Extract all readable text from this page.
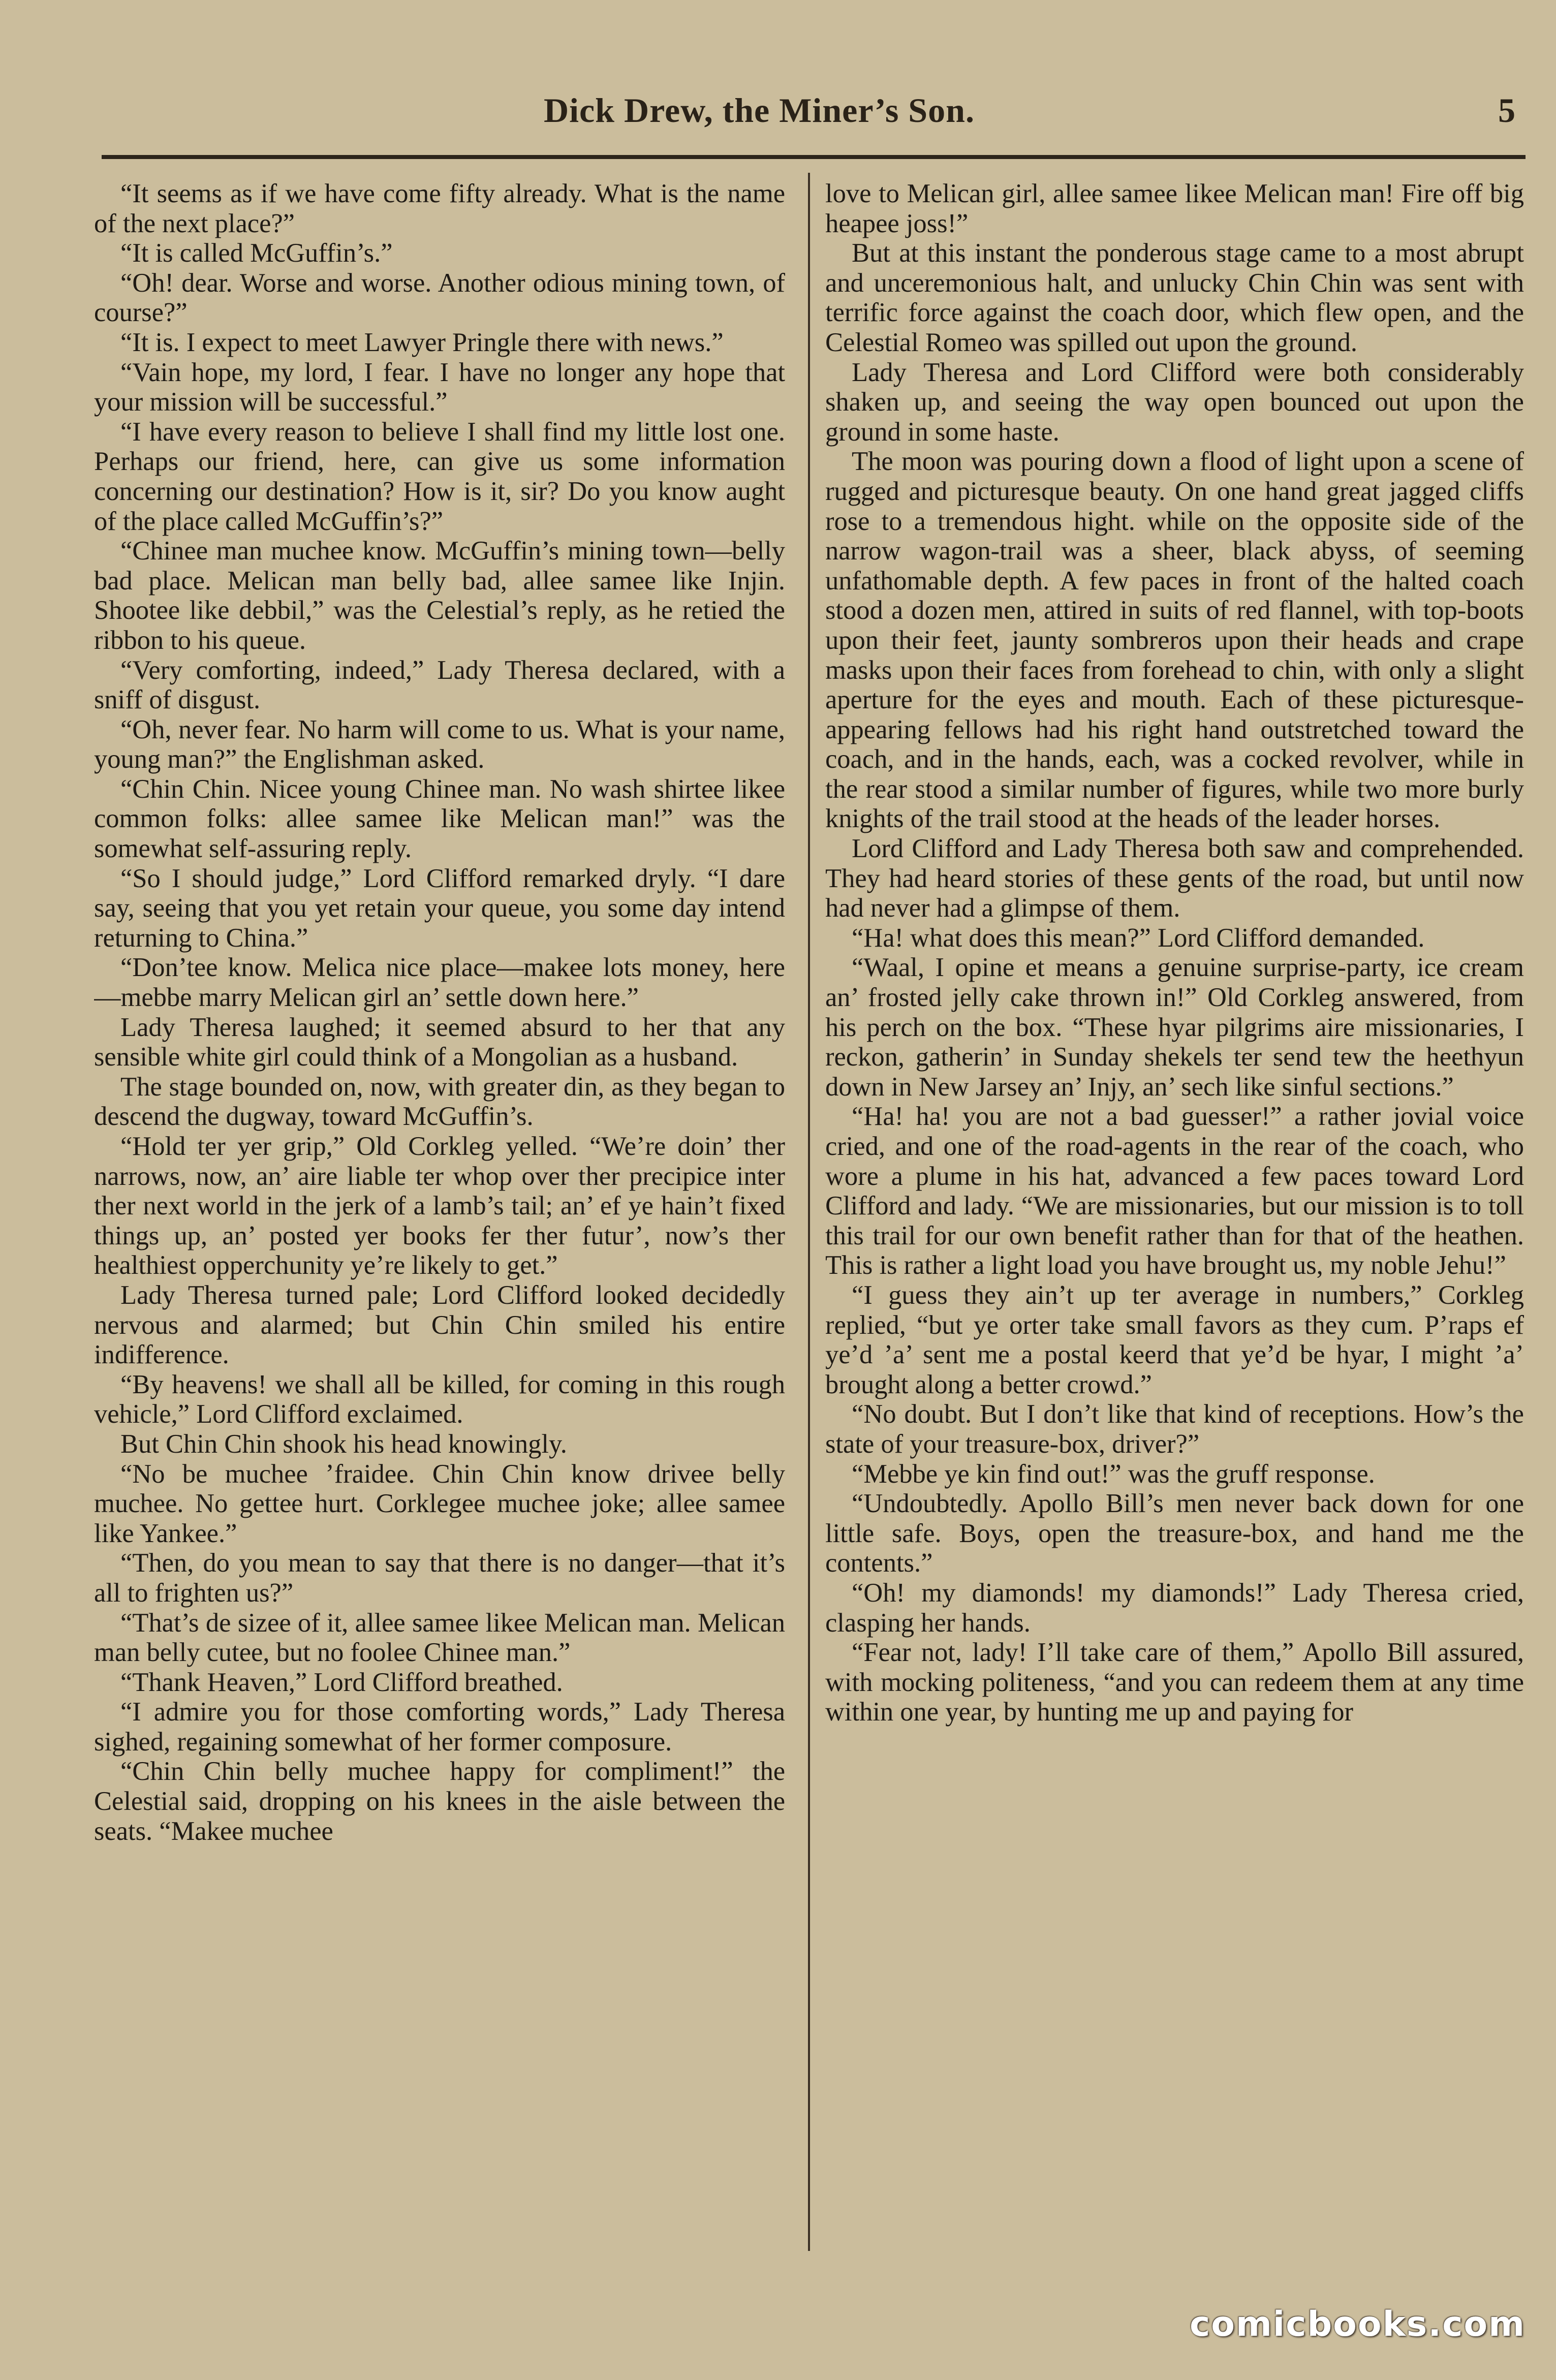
Dick Drew, the Miner’s Son.	5

“It seems as if we have come fifty already. What is the name of the next place?”

“It is called McGuffin’s.”

“Oh! dear. Worse and worse. Another odious mining town, of course?”

“It is. I expect to meet Lawyer Pringle there with news.”

“Vain hope, my lord, I fear. I have no longer any hope that your mission will be successful.”

“I have every reason to believe I shall find my little lost one. Perhaps our friend, here, can give us some information concerning our destination? How is it, sir? Do you know aught of the place called McGuffin’s?”

“Chinee man muchee know. McGuffin’s mining town—belly bad place. Melican man belly bad, allee samee like Injin. Shootee like debbil,” was the Celestial’s reply, as he retied the ribbon to his queue.

“Very comforting, indeed,” Lady Theresa declared, with a sniff of disgust.

“Oh, never fear. No harm will come to us. What is your name, young man?” the Englishman asked.

“Chin Chin. Nicee young Chinee man. No wash shirtee likee common folks: allee samee like Melican man!” was the somewhat self-assuring reply.

“So I should judge,” Lord Clifford remarked dryly. “I dare say, seeing that you yet retain your queue, you some day intend returning to China.”

“Don’tee know. Melica nice place—makee lots money, here—mebbe marry Melican girl an’ settle down here.”

Lady Theresa laughed; it seemed absurd to her that any sensible white girl could think of a Mongolian as a husband.

The stage bounded on, now, with greater din, as they began to descend the dugway, toward McGuffin’s.

“Hold ter yer grip,” Old Corkleg yelled. “We’re doin’ ther narrows, now, an’ aire liable ter whop over ther precipice inter ther next world in the jerk of a lamb’s tail; an’ ef ye hain’t fixed things up, an’ posted yer books fer ther futur’, now’s ther healthiest opperchunity ye’re likely to get.”

Lady Theresa turned pale; Lord Clifford looked decidedly nervous and alarmed; but Chin Chin smiled his entire indifference.

“By heavens! we shall all be killed, for coming in this rough vehicle,” Lord Clifford exclaimed.

But Chin Chin shook his head knowingly.

“No be muchee ’fraidee. Chin Chin know drivee belly muchee. No gettee hurt. Corklegee muchee joke; allee samee like Yankee.”

“Then, do you mean to say that there is no danger—that it’s all to frighten us?”

“That’s de sizee of it, allee samee likee Melican man. Melican man belly cutee, but no foolee Chinee man.”

“Thank Heaven,” Lord Clifford breathed.

“I admire you for those comforting words,” Lady Theresa sighed, regaining somewhat of her former composure.

“Chin Chin belly muchee happy for compliment!” the Celestial said, dropping on his knees in the aisle between the seats. “Makee muchee

love to Melican girl, allee samee likee Melican man! Fire off big heapee joss!”

But at this instant the ponderous stage came to a most abrupt and unceremonious halt, and unlucky Chin Chin was sent with terrific force against the coach door, which flew open, and the Celestial Romeo was spilled out upon the ground.

Lady Theresa and Lord Clifford were both considerably shaken up, and seeing the way open bounced out upon the ground in some haste.

The moon was pouring down a flood of light upon a scene of rugged and picturesque beauty. On one hand great jagged cliffs rose to a tremendous hight. while on the opposite side of the narrow wagon-trail was a sheer, black abyss, of seeming unfathomable depth. A few paces in front of the halted coach stood a dozen men, attired in suits of red flannel, with top-boots upon their feet, jaunty sombreros upon their heads and crape masks upon their faces from forehead to chin, with only a slight aperture for the eyes and mouth. Each of these picturesque-appearing fellows had his right hand outstretched toward the coach, and in the hands, each, was a cocked revolver, while in the rear stood a similar number of figures, while two more burly knights of the trail stood at the heads of the leader horses.

Lord Clifford and Lady Theresa both saw and comprehended. They had heard stories of these gents of the road, but until now had never had a glimpse of them.

“Ha! what does this mean?” Lord Clifford demanded.

“Waal, I opine et means a genuine surprise-party, ice cream an’ frosted jelly cake thrown in!” Old Corkleg answered, from his perch on the box. “These hyar pilgrims aire missionaries, I reckon, gatherin’ in Sunday shekels ter send tew the heethyun down in New Jarsey an’ Injy, an’ sech like sinful sections.”

“Ha! ha! you are not a bad guesser!” a rather jovial voice cried, and one of the road-agents in the rear of the coach, who wore a plume in his hat, advanced a few paces toward Lord Clifford and lady. “We are missionaries, but our mission is to toll this trail for our own benefit rather than for that of the heathen. This is rather a light load you have brought us, my noble Jehu!”

“I guess they ain’t up ter average in numbers,” Corkleg replied, “but ye orter take small favors as they cum. P’raps ef ye’d ’a’ sent me a postal keerd that ye’d be hyar, I might ’a’ brought along a better crowd.”

“No doubt. But I don’t like that kind of receptions. How’s the state of your treasure-box, driver?”

“Mebbe ye kin find out!” was the gruff response.

“Undoubtedly. Apollo Bill’s men never back down for one little safe. Boys, open the treasure-box, and hand me the contents.”

“Oh! my diamonds! my diamonds!” Lady Theresa cried, clasping her hands.

“Fear not, lady! I’ll take care of them,” Apollo Bill assured, with mocking politeness, “and you can redeem them at any time within one year, by hunting me up and paying for

comicbooks.com
